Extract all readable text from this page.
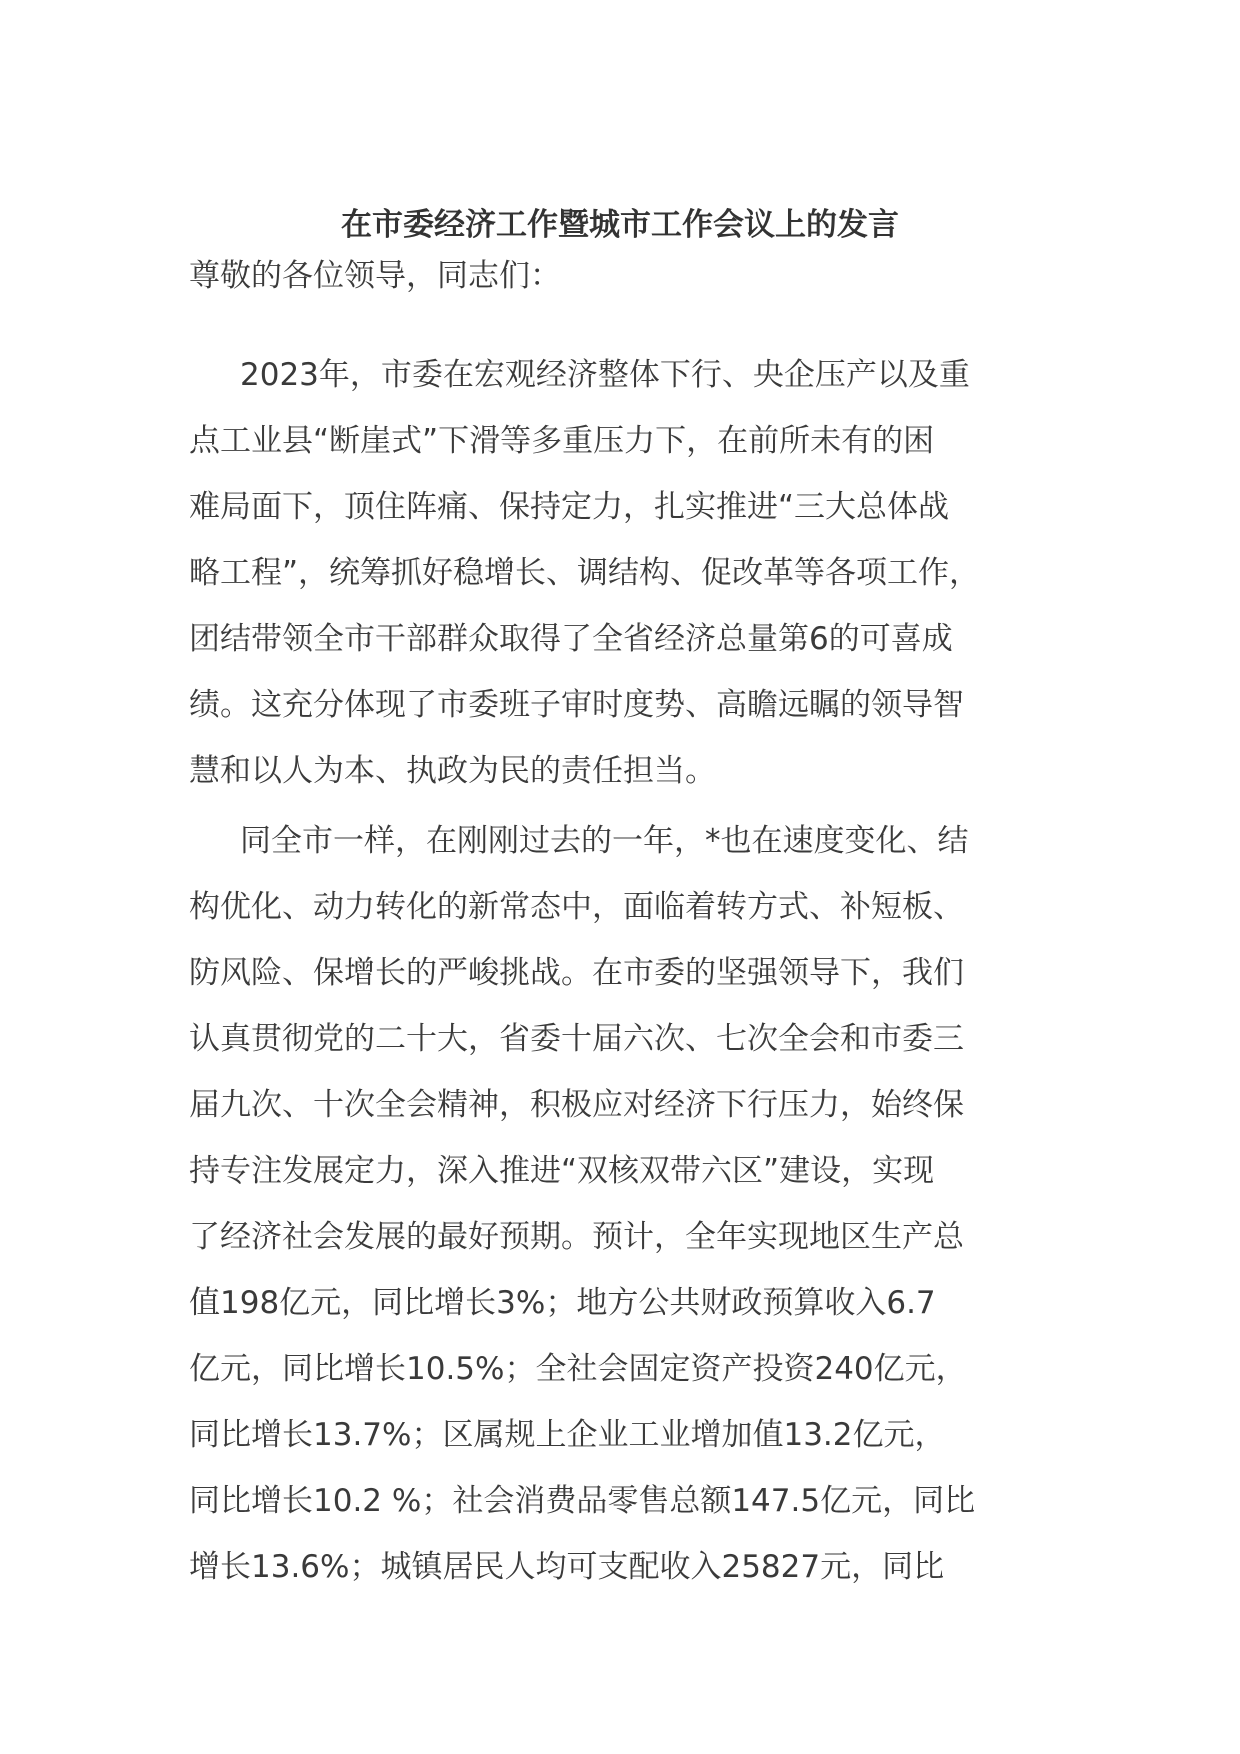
在市委经济工作暨城市工作会议上的发言
尊敬的各位领导，同志们：
2023年，市委在宏观经济整体下行、央企压产以及重
点工业县“断崖式”下滑等多重压力下，在前所未有的困
难局面下，顶住阵痛、保持定力，扎实推进“三大总体战
略工程”，统筹抓好稳增长、调结构、促改革等各项工作，
团结带领全市干部群众取得了全省经济总量第6的可喜成
绩。这充分体现了市委班子审时度势、高瞻远瞩的领导智
慧和以人为本、执政为民的责任担当。
同全市一样，在刚刚过去的一年，*也在速度变化、结
构优化、动力转化的新常态中，面临着转方式、补短板、
防风险、保增长的严峻挑战。在市委的坚强领导下，我们
认真贯彻党的二十大，省委十届六次、七次全会和市委三
届九次、十次全会精神，积极应对经济下行压力，始终保
持专注发展定力，深入推进“双核双带六区”建设，实现
了经济社会发展的最好预期。预计，全年实现地区生产总
值198亿元，同比增长3%；地方公共财政预算收入6.7
亿元，同比增长10.5%；全社会固定资产投资240亿元，
同比增长13.7%；区属规上企业工业增加值13.2亿元，
同比增长10.2 %；社会消费品零售总额147.5亿元，同比
增长13.6%；城镇居民人均可支配收入25827元，同比
